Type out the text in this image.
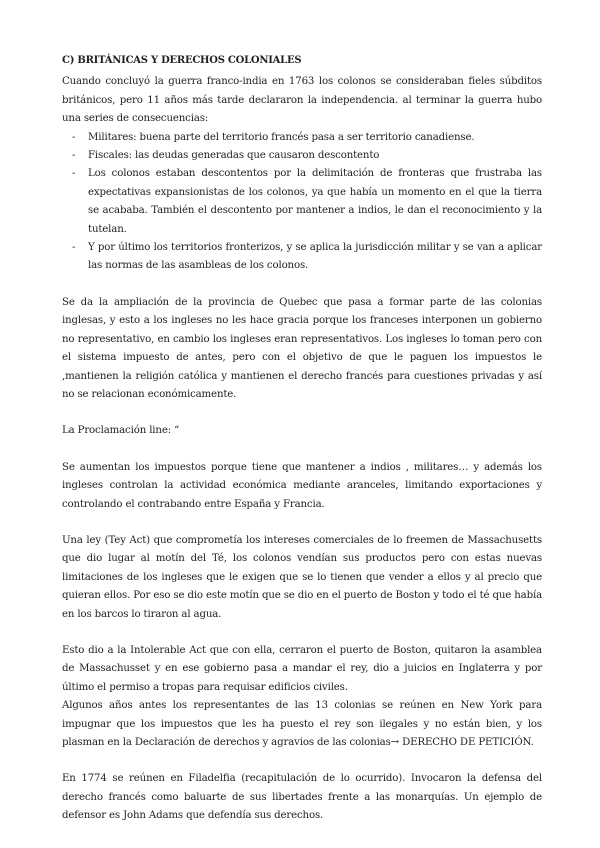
C) BRITÁNICAS Y DERECHOS COLONIALES

Cuando concluyó la guerra franco-india en 1763 los colonos se consideraban fieles súbditos británicos, pero 11 años más tarde declararon la independencia. al terminar la guerra hubo una series de consecuencias:

- Militares: buena parte del territorio francés pasa a ser territorio canadiense.
- Fiscales: las deudas generadas que causaron descontento
- Los colonos estaban descontentos por la delimitación de fronteras que frustraba las expectativas expansionistas de los colonos, ya que había un momento en el que la tierra se acababa. También el descontento por mantener a indios, le dan el reconocimiento y la tutelan.
- Y por último los territorios fronterizos, y se aplica la jurisdicción militar y se van a aplicar las normas de las asambleas de los colonos.

Se da la ampliación de la provincia de Quebec que pasa a formar parte de las colonias inglesas, y esto a los ingleses no les hace gracia porque los franceses interponen un gobierno no representativo, en cambio los ingleses eran representativos. Los ingleses lo toman pero con el sistema impuesto de antes, pero con el objetivo de que le paguen los impuestos le ,mantienen la religión católica y mantienen el derecho francés para cuestiones privadas y así no se relacionan económicamente.

La Proclamación line: “

Se aumentan los impuestos porque tiene que mantener a indios , militares… y además los ingleses controlan la actividad económica mediante aranceles, limitando exportaciones y controlando el contrabando entre España y Francia.

Una ley (Tey Act) que comprometía los intereses comerciales de lo freemen de Massachusetts que dio lugar al motín del Té, los colonos vendían sus productos pero con estas nuevas limitaciones de los ingleses que le exigen que se lo tienen que vender a ellos y al precio que quieran ellos. Por eso se dio este motín que se dio en el puerto de Boston y todo el té que había en los barcos lo tiraron al agua.

Esto dio a la Intolerable Act que con ella, cerraron el puerto de Boston, quitaron la asamblea de Massachusset y en ese gobierno pasa a mandar el rey, dio a juicios en Inglaterra y por último el permiso a tropas para requisar edificios civiles.

Algunos años antes los representantes de las 13 colonias se reúnen en New York para impugnar que los impuestos que les ha puesto el rey son ilegales y no están bien, y los plasman en la Declaración de derechos y agravios de las colonias→ DERECHO DE PETICIÓN.

En 1774 se reúnen en Filadelfia (recapitulación de lo ocurrido). Invocaron la defensa del derecho francés como baluarte de sus libertades frente a las monarquías. Un ejemplo de defensor es John Adams que defendía sus derechos.
